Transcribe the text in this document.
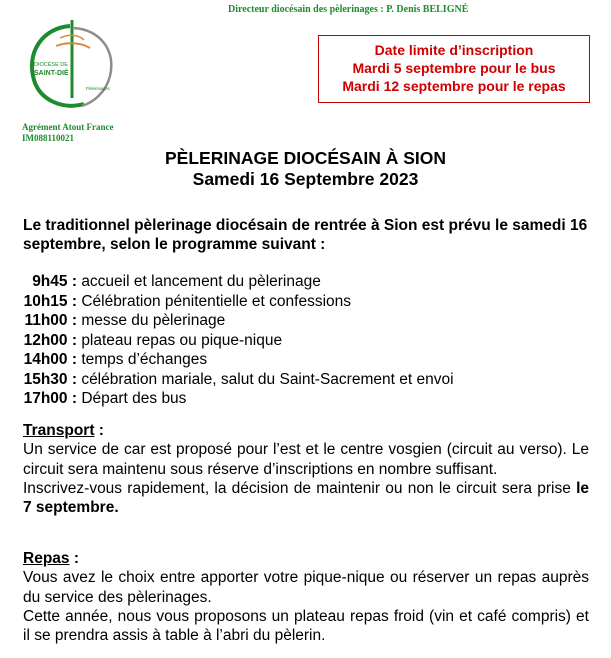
Directeur diocésain des pèlerinages : P. Denis BELIGNÉ
DIOCÈSE DE
SAINT-DIÉ
Pèlerinages
Agrément Atout France
IM088110021
Date limite d’inscription
Mardi 5 septembre pour le bus
Mardi 12 septembre pour le repas
PÈLERINAGE DIOCÉSAIN À SION
Samedi 16 Septembre 2023
Le traditionnel pèlerinage diocésain de rentrée à Sion est prévu le samedi 16 septembre, selon le programme suivant :
9h45 : accueil et lancement du pèlerinage
10h15 : Célébration pénitentielle et confessions
11h00 : messe du pèlerinage
12h00 : plateau repas ou pique-nique
14h00 : temps d’échanges
15h30 : célébration mariale, salut du Saint-Sacrement et envoi
17h00 : Départ des bus
Transport :
Un service de car est proposé pour l’est et le centre vosgien (circuit au verso). Le circuit sera maintenu sous réserve d’inscriptions en nombre suffisant.
Inscrivez-vous rapidement, la décision de maintenir ou non le circuit sera prise le 7 septembre.
Repas :
Vous avez le choix entre apporter votre pique-nique ou réserver un repas auprès du service des pèlerinages.
Cette année, nous vous proposons un plateau repas froid (vin et café compris) et il se prendra assis à table à l’abri du pèlerin.
